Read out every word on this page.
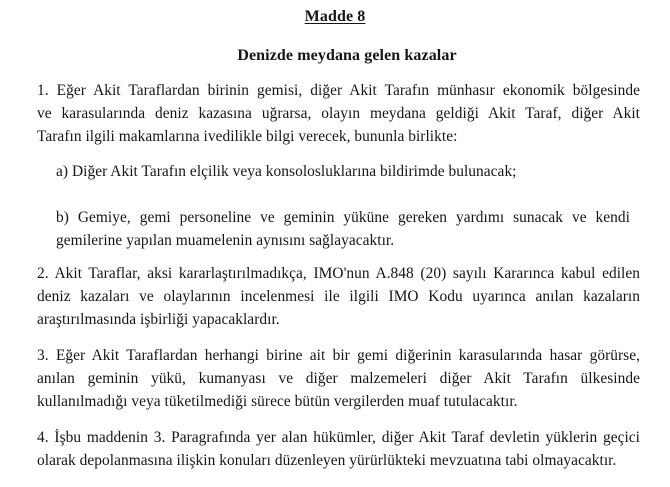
Madde 8
Denizde meydana gelen kazalar

1. Eğer Akit Taraflardan birinin gemisi, diğer Akit Tarafın münhasır ekonomik bölgesinde
ve karasularında deniz kazasına uğrarsa, olayın meydana geldiği Akit Taraf, diğer Akit
Tarafın ilgili makamlarına ivedilikle bilgi verecek, bununla birlikte:

a) Diğer Akit Tarafın elçilik veya konsolosluklarına bildirimde bulunacak;

b) Gemiye, gemi personeline ve geminin yüküne gereken yardımı sunacak ve kendi
gemilerine yapılan muamelenin aynısını sağlayacaktır.

2. Akit Taraflar, aksi kararlaştırılmadıkça, IMO'nun A.848 (20) sayılı Kararınca kabul edilen
deniz kazaları ve olaylarının incelenmesi ile ilgili IMO Kodu uyarınca anılan kazaların
araştırılmasında işbirliği yapacaklardır.

3. Eğer Akit Taraflardan herhangi birine ait bir gemi diğerinin karasularında hasar görürse,
anılan geminin yükü, kumanyası ve diğer malzemeleri diğer Akit Tarafın ülkesinde
kullanılmadığı veya tüketilmediği sürece bütün vergilerden muaf tutulacaktır.

4. İşbu maddenin 3. Paragrafında yer alan hükümler, diğer Akit Taraf devletin yüklerin geçici
olarak depolanmasına ilişkin konuları düzenleyen yürürlükteki mevzuatına tabi olmayacaktır.
